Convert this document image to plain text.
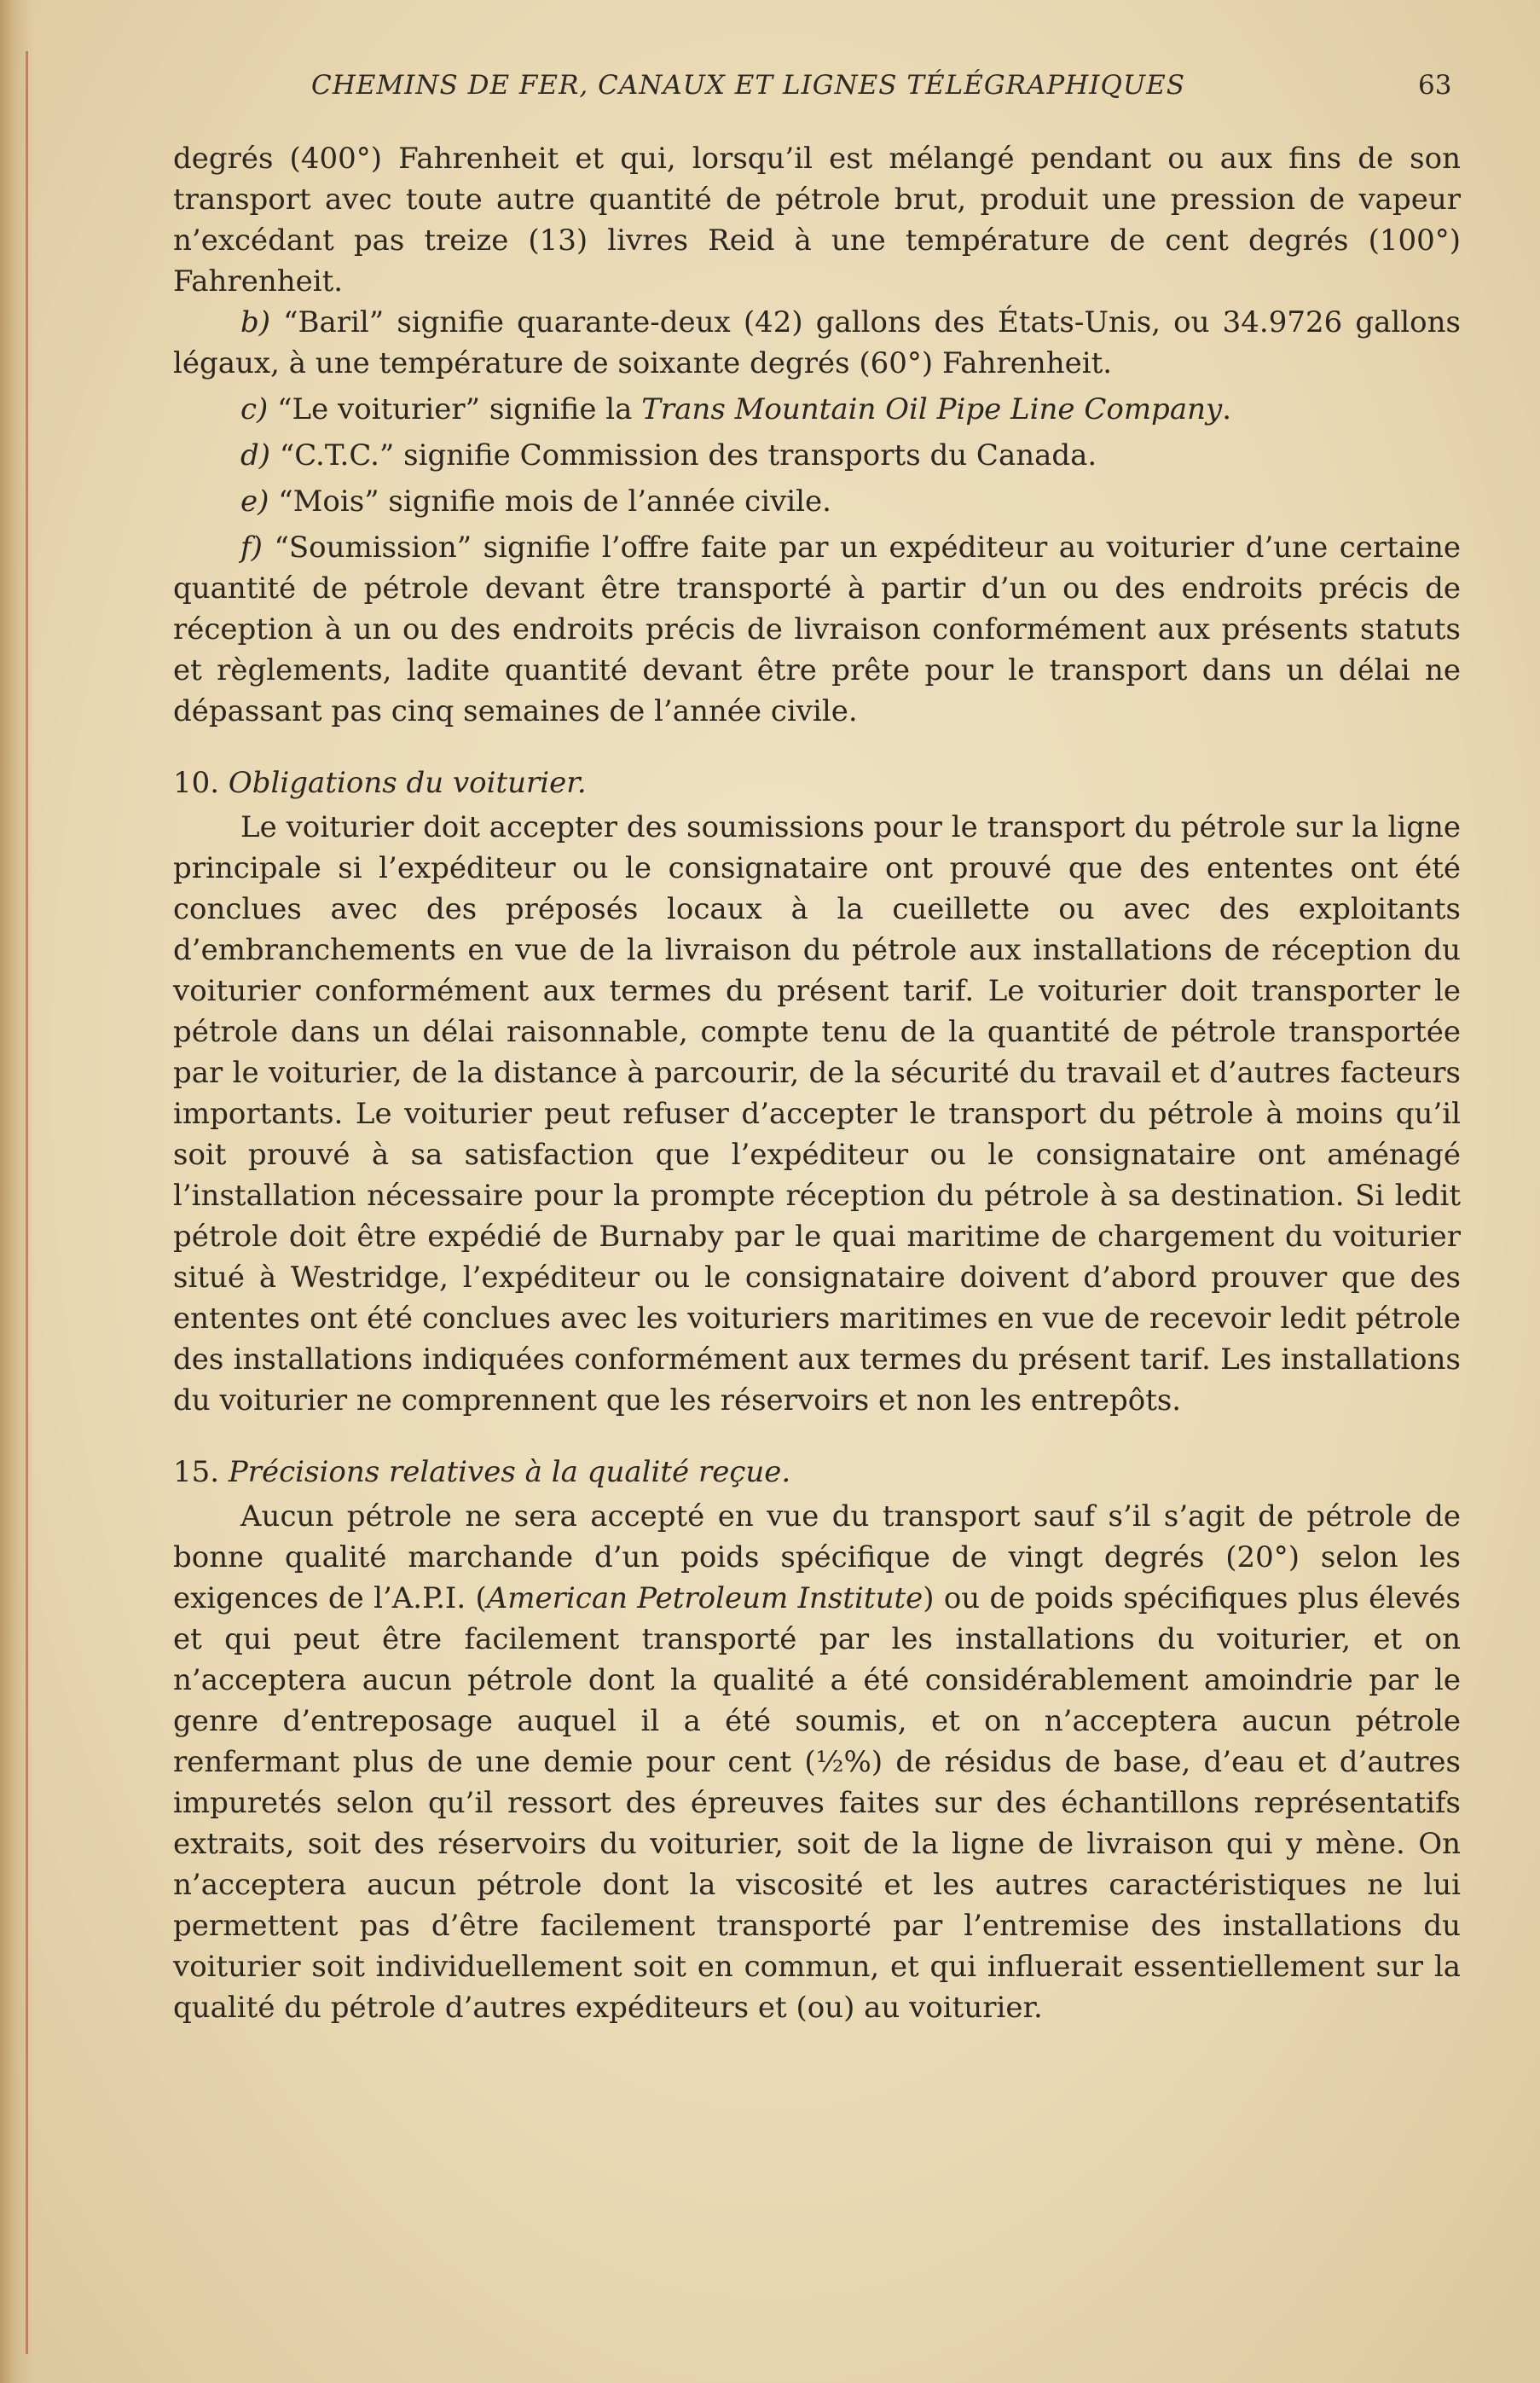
CHEMINS DE FER, CANAUX ET LIGNES TÉLÉGRAPHIQUES	63

degrés (400°) Fahrenheit et qui, lorsqu’il est mélangé pendant ou aux fins de son transport avec toute autre quantité de pétrole brut, produit une pression de vapeur n’excédant pas treize (13) livres Reid à une température de cent degrés (100°) Fahrenheit.

b) “Baril” signifie quarante-deux (42) gallons des États-Unis, ou 34.9726 gallons légaux, à une température de soixante degrés (60°) Fahrenheit.

c) “Le voiturier” signifie la Trans Mountain Oil Pipe Line Company.

d) “C.T.C.” signifie Commission des transports du Canada.

e) “Mois” signifie mois de l’année civile.

f) “Soumission” signifie l’offre faite par un expéditeur au voiturier d’une certaine quantité de pétrole devant être transporté à partir d’un ou des endroits précis de réception à un ou des endroits précis de livraison conformément aux présents statuts et règlements, ladite quantité devant être prête pour le transport dans un délai ne dépassant pas cinq semaines de l’année civile.

10. Obligations du voiturier.

Le voiturier doit accepter des soumissions pour le transport du pétrole sur la ligne principale si l’expéditeur ou le consignataire ont prouvé que des ententes ont été conclues avec des préposés locaux à la cueillette ou avec des exploitants d’embranchements en vue de la livraison du pétrole aux installations de réception du voiturier conformément aux termes du présent tarif. Le voiturier doit transporter le pétrole dans un délai raisonnable, compte tenu de la quantité de pétrole transportée par le voiturier, de la distance à parcourir, de la sécurité du travail et d’autres facteurs importants. Le voiturier peut refuser d’accepter le transport du pétrole à moins qu’il soit prouvé à sa satisfaction que l’expéditeur ou le consignataire ont aménagé l’installation nécessaire pour la prompte réception du pétrole à sa destination. Si ledit pétrole doit être expédié de Burnaby par le quai maritime de chargement du voiturier situé à Westridge, l’expéditeur ou le consignataire doivent d’abord prouver que des ententes ont été conclues avec les voituriers maritimes en vue de recevoir ledit pétrole des installations indiquées conformément aux termes du présent tarif. Les installations du voiturier ne comprennent que les réservoirs et non les entrepôts.

15. Précisions relatives à la qualité reçue.

Aucun pétrole ne sera accepté en vue du transport sauf s’il s’agit de pétrole de bonne qualité marchande d’un poids spécifique de vingt degrés (20°) selon les exigences de l’A.P.I. (American Petroleum Institute) ou de poids spécifiques plus élevés et qui peut être facilement transporté par les installations du voiturier, et on n’acceptera aucun pétrole dont la qualité a été considérablement amoindrie par le genre d’entreposage auquel il a été soumis, et on n’acceptera aucun pétrole renfermant plus de une demie pour cent (½%) de résidus de base, d’eau et d’autres impuretés selon qu’il ressort des épreuves faites sur des échantillons représentatifs extraits, soit des réservoirs du voiturier, soit de la ligne de livraison qui y mène. On n’acceptera aucun pétrole dont la viscosité et les autres caractéristiques ne lui permettent pas d’être facilement transporté par l’entremise des installations du voiturier soit individuellement soit en commun, et qui influerait essentiellement sur la qualité du pétrole d’autres expéditeurs et (ou) au voiturier.
